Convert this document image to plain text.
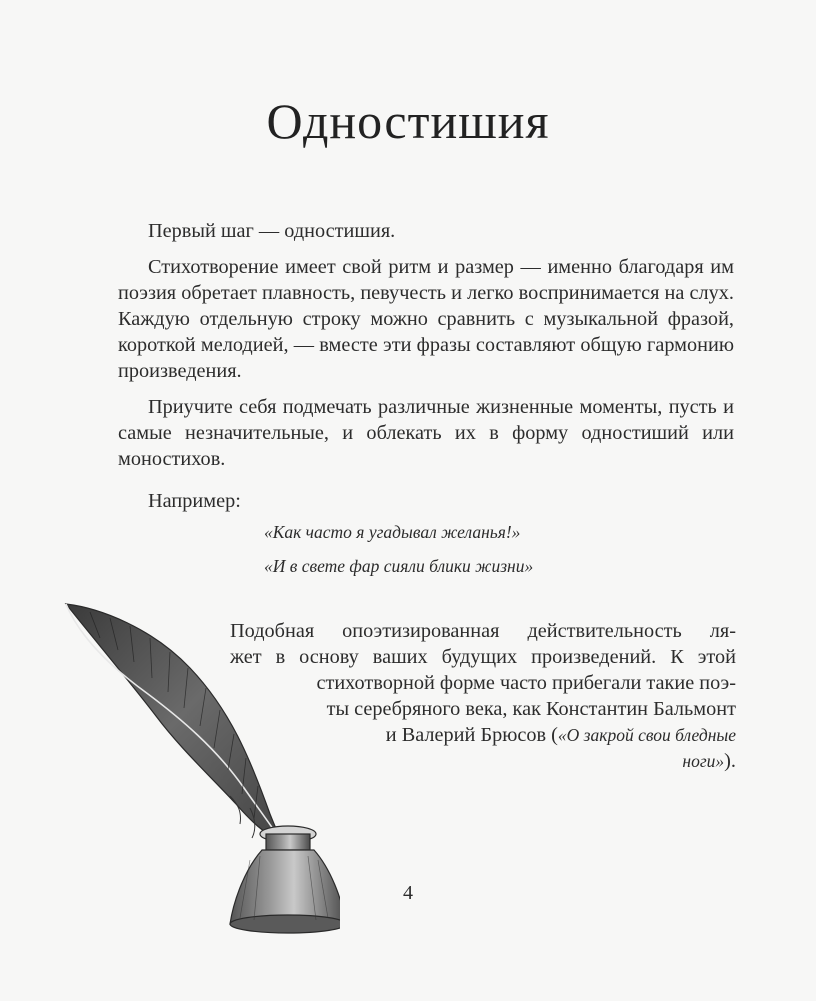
Одностишия

Первый шаг — одностишия.

Стихотворение имеет свой ритм и размер — именно благодаря им поэзия обретает плавность, певучесть и легко воспринимается на слух. Каждую отдельную строку можно сравнить с музыкальной фразой, короткой мелодией, — вместе эти фразы составляют общую гармонию произведения.

Приучите себя подмечать различные жизненные моменты, пусть и самые незначительные, и облекать их в форму одностиший или моностихов.

Например:

«Как часто я угадывал желанья!»

«И в свете фар сияли блики жизни»

Подобная опоэтизированная действительность ля-
жет в основу ваших будущих произведений. К этой
стихотворной форме часто прибегали такие поэ-
ты серебряного века, как Константин Бальмонт
и Валерий Брюсов («О закрой свои бледные
ноги»).

4
